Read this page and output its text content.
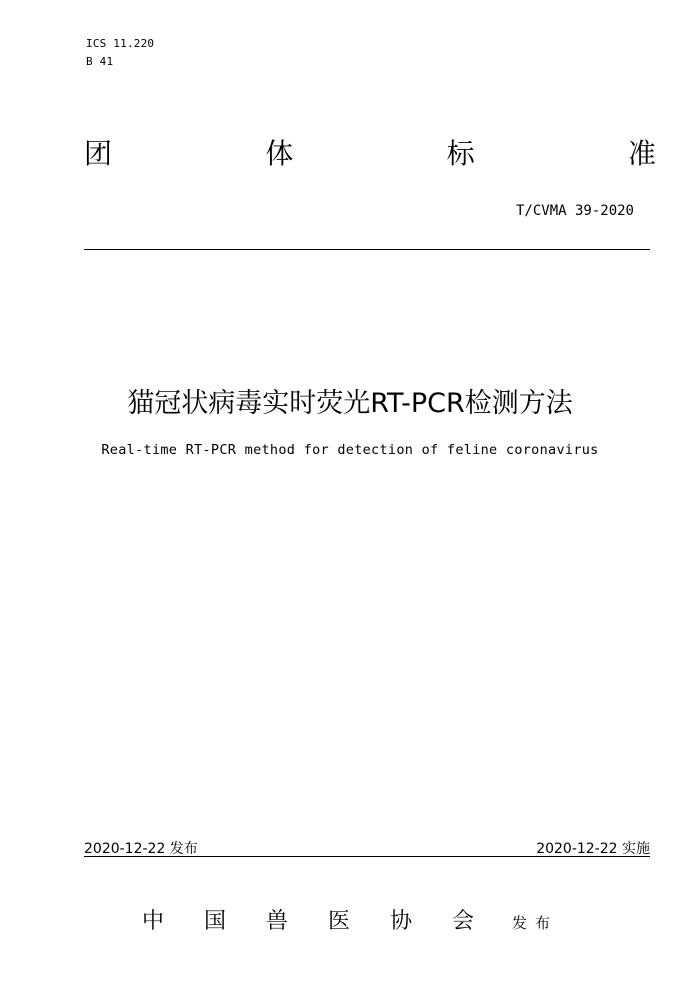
ICS 11.220
B 41
团	体	标	准
T/CVMA 39-2020
猫冠状病毒实时荧光RT-PCR检测方法
Real-time RT-PCR method for detection of feline coronavirus
2020-12-22 发布	2020-12-22 实施
中国兽医协会
发布
